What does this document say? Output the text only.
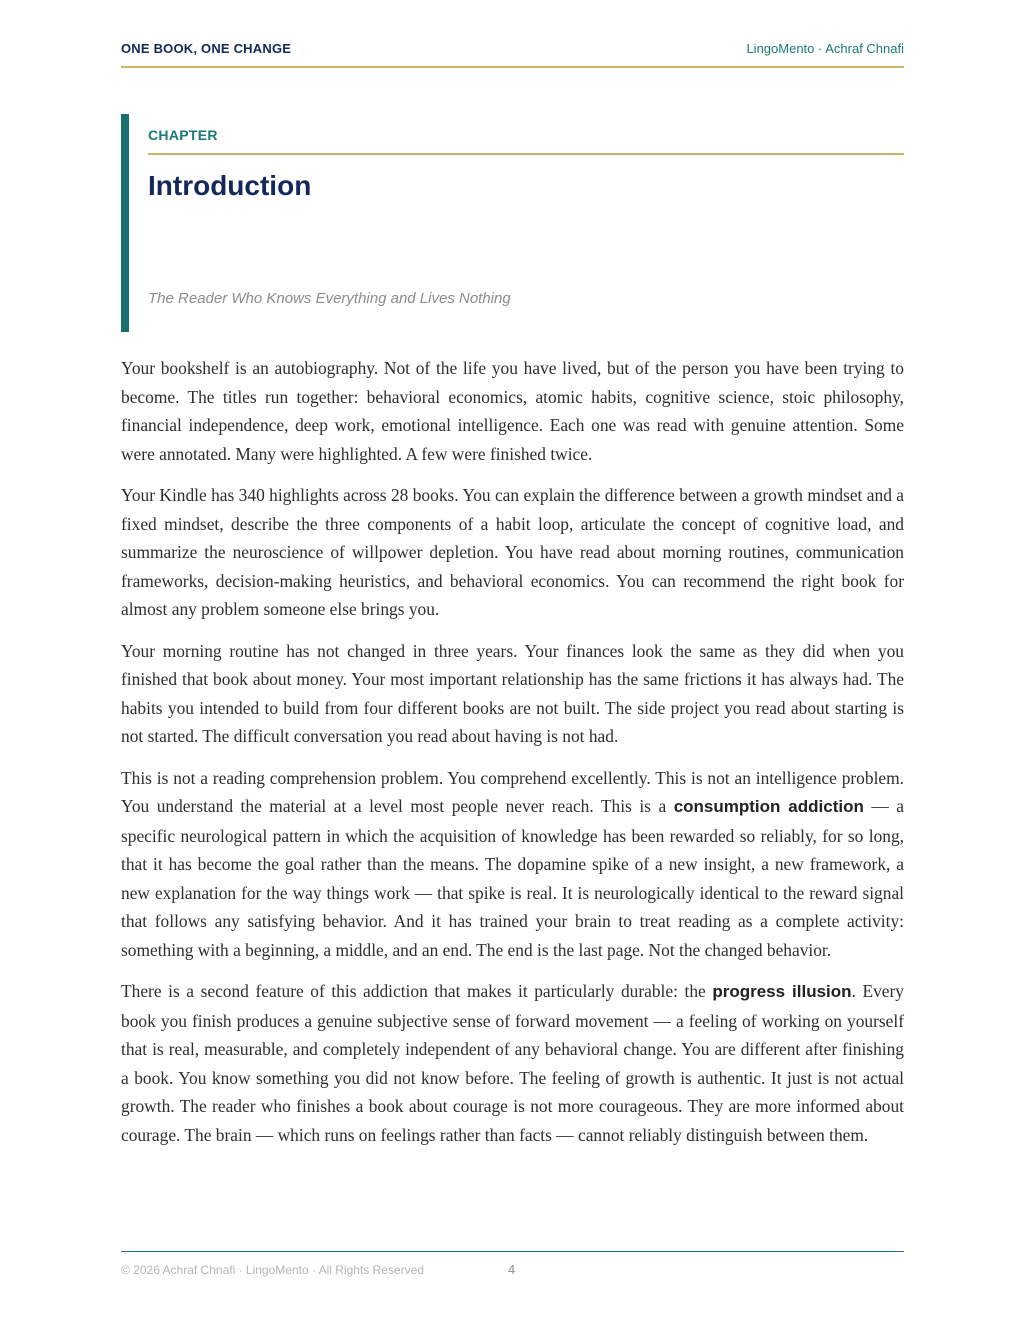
ONE BOOK, ONE CHANGE	LingoMento · Achraf Chnafi
CHAPTER
Introduction
The Reader Who Knows Everything and Lives Nothing

Your bookshelf is an autobiography. Not of the life you have lived, but of the person you have been trying to become. The titles run together: behavioral economics, atomic habits, cognitive science, stoic philosophy, financial independence, deep work, emotional intelligence. Each one was read with genuine attention. Some were annotated. Many were highlighted. A few were finished twice.

Your Kindle has 340 highlights across 28 books. You can explain the difference between a growth mindset and a fixed mindset, describe the three components of a habit loop, articulate the concept of cognitive load, and summarize the neuroscience of willpower depletion. You have read about morning routines, communication frameworks, decision-making heuristics, and behavioral economics. You can recommend the right book for almost any problem someone else brings you.

Your morning routine has not changed in three years. Your finances look the same as they did when you finished that book about money. Your most important relationship has the same frictions it has always had. The habits you intended to build from four different books are not built. The side project you read about starting is not started. The difficult conversation you read about having is not had.

This is not a reading comprehension problem. You comprehend excellently. This is not an intelligence problem. You understand the material at a level most people never reach. This is a consumption addiction — a specific neurological pattern in which the acquisition of knowledge has been rewarded so reliably, for so long, that it has become the goal rather than the means. The dopamine spike of a new insight, a new framework, a new explanation for the way things work — that spike is real. It is neurologically identical to the reward signal that follows any satisfying behavior. And it has trained your brain to treat reading as a complete activity: something with a beginning, a middle, and an end. The end is the last page. Not the changed behavior.

There is a second feature of this addiction that makes it particularly durable: the progress illusion. Every book you finish produces a genuine subjective sense of forward movement — a feeling of working on yourself that is real, measurable, and completely independent of any behavioral change. You are different after finishing a book. You know something you did not know before. The feeling of growth is authentic. It just is not actual growth. The reader who finishes a book about courage is not more courageous. They are more informed about courage. The brain — which runs on feelings rather than facts — cannot reliably distinguish between them.

© 2026 Achraf Chnafi · LingoMento · All Rights Reserved	4
